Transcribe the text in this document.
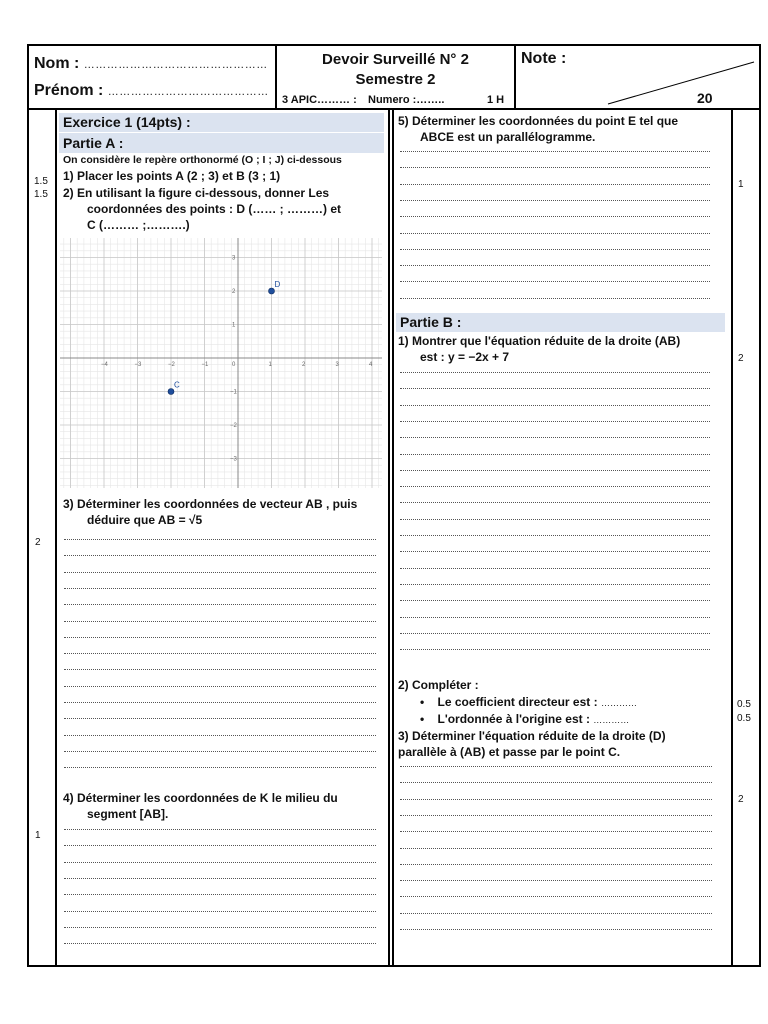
Nom : …………………………………………
Prénom : ……………………………………
Devoir Surveillé N° 2
Semestre 2
3 APIC……… : Numero :……..	1 H
Note :
20
Exercice 1 (14pts) :
Partie A :
On considère le repère orthonormé (O ; I ; J) ci-dessous
1) Placer les points A (2 ; 3) et B (3 ; 1)
2) En utilisant la figure ci-dessous, donner Les
coordonnées des points : D (…… ; ………) et
C (……… ;……….)
−4	−3	−2	−1	0	1	2	3	4
3
2
1
−1
−2
−3
D
C
3) Déterminer les coordonnées de vecteur AB , puis
déduire que AB = √5
4) Déterminer les coordonnées de K le milieu du
segment [AB].
1.5
1.5
2
1
5) Déterminer les coordonnées du point E tel que
ABCE est un parallélogramme.
Partie B :
1) Montrer que l'équation réduite de la droite (AB)
est : y = −2x + 7
2) Compléter :
•    Le coefficient directeur est : …………
•    L'ordonnée à l'origine est : …………
3) Déterminer l'équation réduite de la droite (D)
parallèle à (AB) et passe par le point C.
1
2
0.5
0.5
2
